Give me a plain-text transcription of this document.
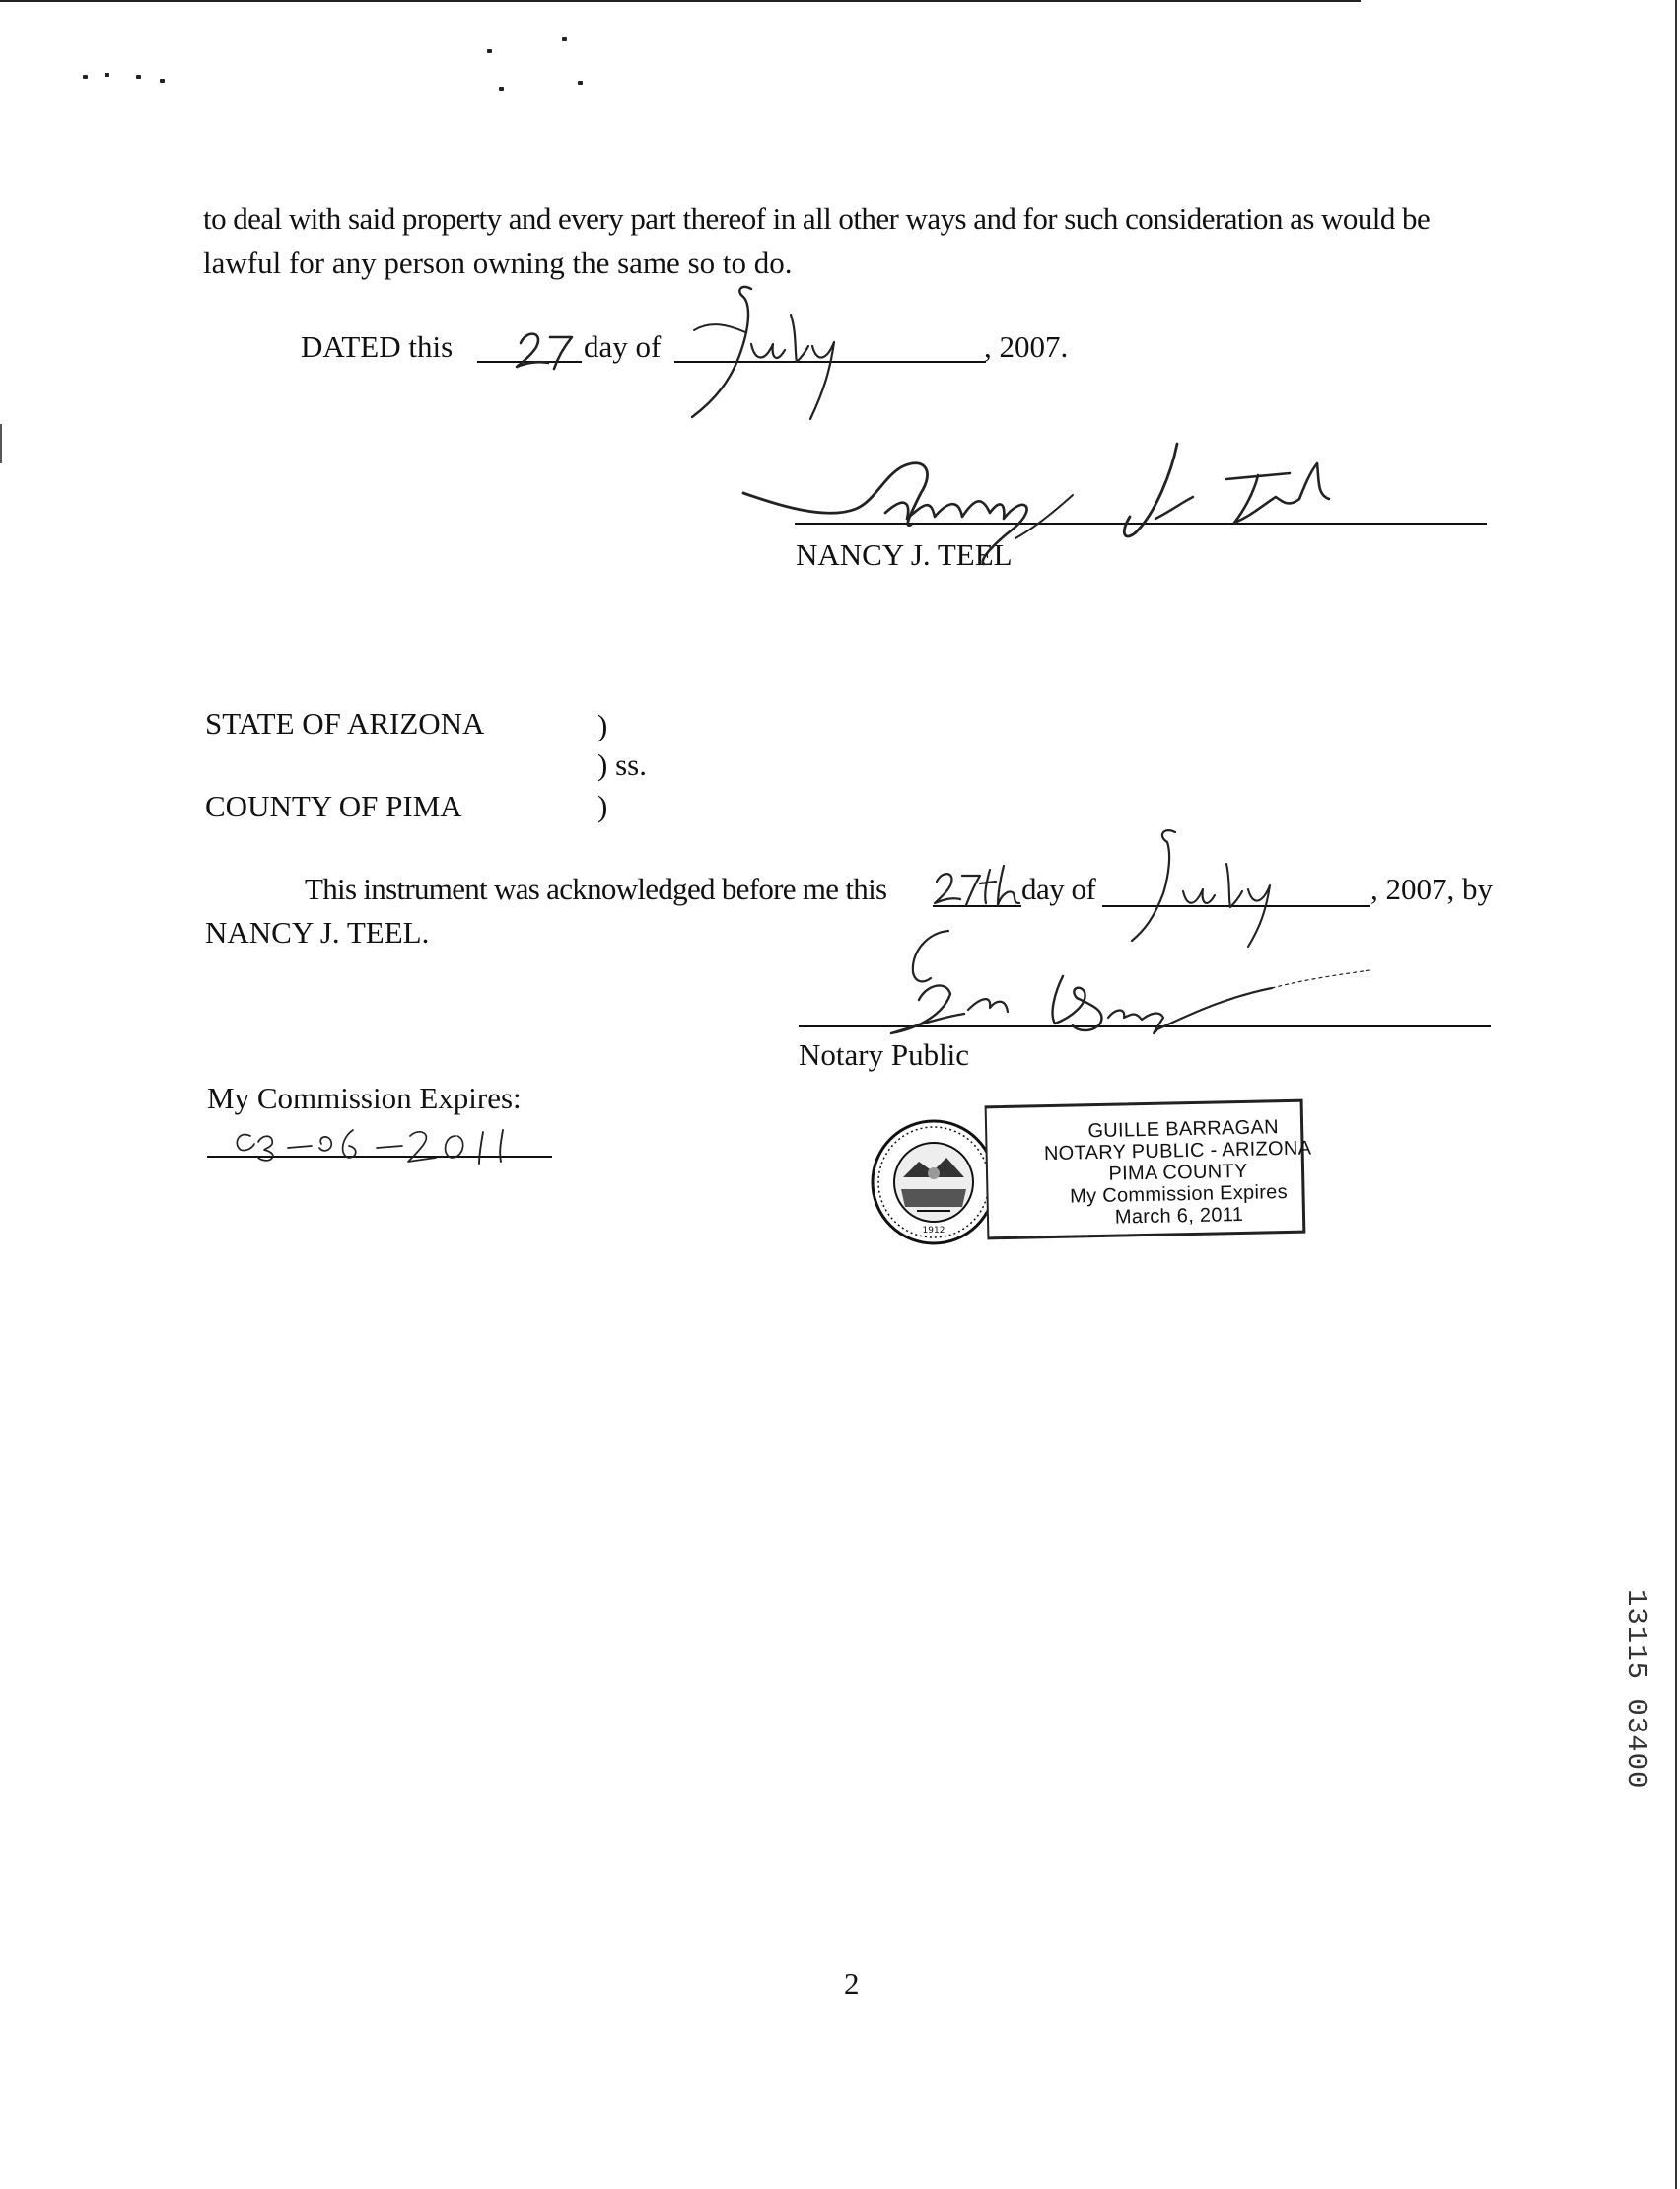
to deal with said property and every part thereof in all other ways and for such consideration as would be
lawful for any person owning the same so to do.
DATED this	day of	, 2007.
NANCY J. TEEL
STATE OF ARIZONA	)
) ss.
COUNTY OF PIMA	)
This instrument was acknowledged before me this	day of	, 2007, by
NANCY J. TEEL.
Notary Public
My Commission Expires:
1912
GUILLE BARRAGAN
NOTARY PUBLIC - ARIZONA
PIMA COUNTY
My Commission Expires
March 6, 2011
13115 03400
2
